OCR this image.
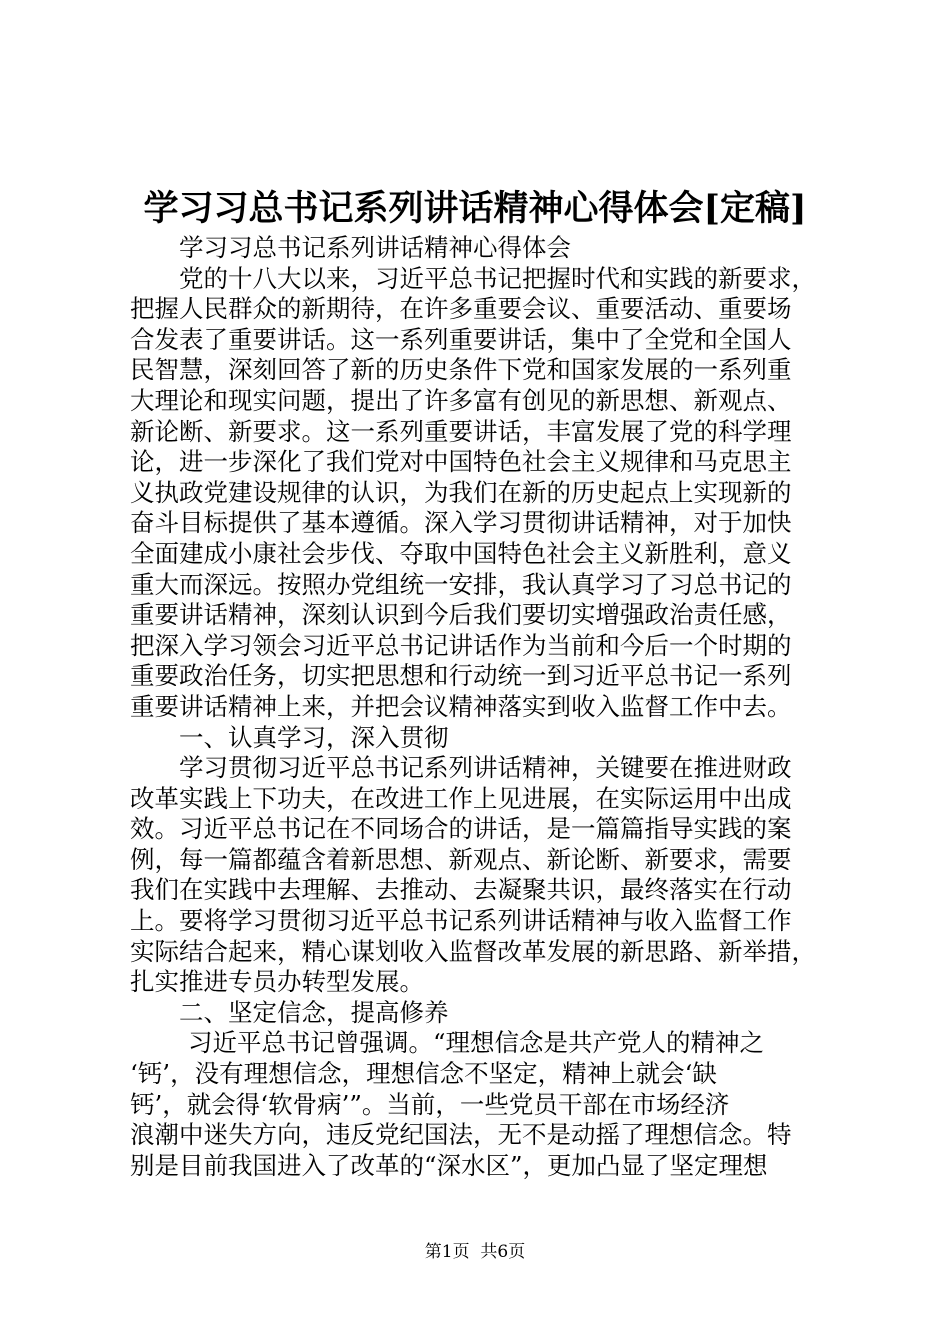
学习习总书记系列讲话精神心得体会[定稿]
学习习总书记系列讲话精神心得体会
党的十八大以来，习近平总书记把握时代和实践的新要求，
把握人民群众的新期待，在许多重要会议、重要活动、重要场
合发表了重要讲话。这一系列重要讲话，集中了全党和全国人
民智慧，深刻回答了新的历史条件下党和国家发展的一系列重
大理论和现实问题，提出了许多富有创见的新思想、新观点、
新论断、新要求。这一系列重要讲话，丰富发展了党的科学理
论，进一步深化了我们党对中国特色社会主义规律和马克思主
义执政党建设规律的认识，为我们在新的历史起点上实现新的
奋斗目标提供了基本遵循。深入学习贯彻讲话精神，对于加快
全面建成小康社会步伐、夺取中国特色社会主义新胜利，意义
重大而深远。按照办党组统一安排，我认真学习了习总书记的
重要讲话精神，深刻认识到今后我们要切实增强政治责任感，
把深入学习领会习近平总书记讲话作为当前和今后一个时期的
重要政治任务，切实把思想和行动统一到习近平总书记一系列
重要讲话精神上来，并把会议精神落实到收入监督工作中去。
一、认真学习，深入贯彻
学习贯彻习近平总书记系列讲话精神，关键要在推进财政
改革实践上下功夫，在改进工作上见进展，在实际运用中出成
效。习近平总书记在不同场合的讲话，是一篇篇指导实践的案
例，每一篇都蕴含着新思想、新观点、新论断、新要求，需要
我们在实践中去理解、去推动、去凝聚共识，最终落实在行动
上。要将学习贯彻习近平总书记系列讲话精神与收入监督工作
实际结合起来，精心谋划收入监督改革发展的新思路、新举措，
扎实推进专员办转型发展。
二、坚定信念，提高修养
习近平总书记曾强调。“理想信念是共产党人的精神之
‘钙’，没有理想信念，理想信念不坚定，精神上就会‘缺
钙’，就会得‘软骨病’”。当前，一些党员干部在市场经济
浪潮中迷失方向，违反党纪国法，无不是动摇了理想信念。特
别是目前我国进入了改革的“深水区”，更加凸显了坚定理想
第1页  共6页
